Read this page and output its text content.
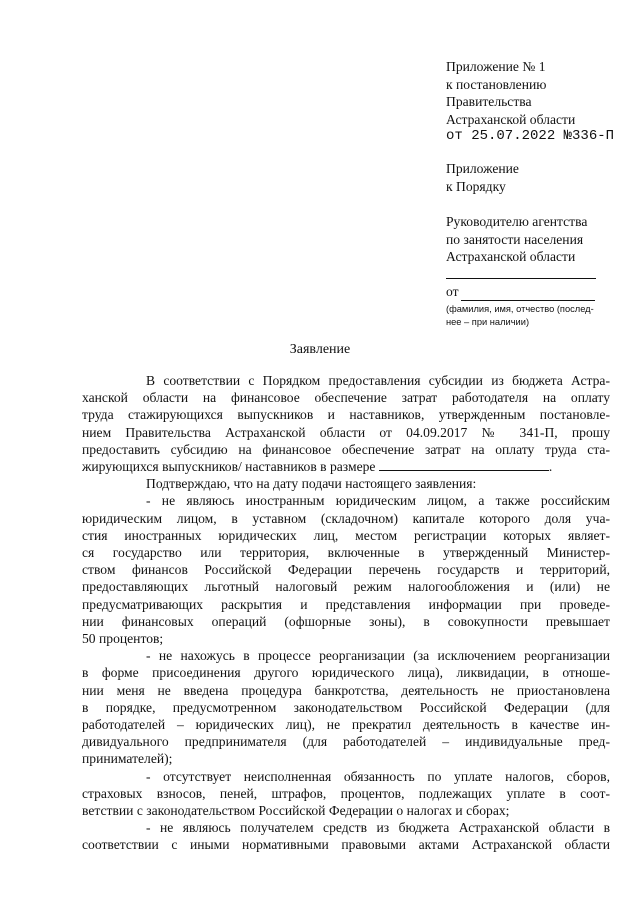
Приложение № 1
к постановлению
Правительства
Астраханской области
от 25.07.2022 №336-П
Приложение
к Порядку
Руководителю агентства
по занятости населения
Астраханской области
от
(фамилия, имя, отчество (послед-
нее – при наличии)
Заявление

В соответствии с Порядком предоставления субсидии из бюджета Астра-
ханской области на финансовое обеспечение затрат работодателя на оплату
труда стажирующихся выпускников и наставников, утвержденным постановле-
нием Правительства Астраханской области от 04.09.2017 № 341-П, прошу
предоставить субсидию на финансовое обеспечение затрат на оплату труда ста-
жирующихся выпускников/ наставников в размере	.

Подтверждаю, что на дату подачи настоящего заявления:

- не являюсь иностранным юридическим лицом, а также российским
юридическим лицом, в уставном (складочном) капитале которого доля уча-
стия иностранных юридических лиц, местом регистрации которых являет-
ся государство или территория, включенные в утвержденный Министер-
ством финансов Российской Федерации перечень государств и территорий,
предоставляющих льготный налоговый режим налогообложения и (или) не
предусматривающих раскрытия и представления информации при проведе-
нии финансовых операций (офшорные зоны), в совокупности превышает
50 процентов;

- не нахожусь в процессе реорганизации (за исключением реорганизации
в форме присоединения другого юридического лица), ликвидации, в отноше-
нии меня не введена процедура банкротства, деятельность не приостановлена
в порядке, предусмотренном законодательством Российской Федерации (для
работодателей – юридических лиц), не прекратил деятельность в качестве ин-
дивидуального предпринимателя (для работодателей – индивидуальные пред-
принимателей);

- отсутствует неисполненная обязанность по уплате налогов, сборов,
страховых взносов, пеней, штрафов, процентов, подлежащих уплате в соот-
ветствии с законодательством Российской Федерации о налогах и сборах;

- не являюсь получателем средств из бюджета Астраханской области в
соответствии с иными нормативными правовыми актами Астраханской области
